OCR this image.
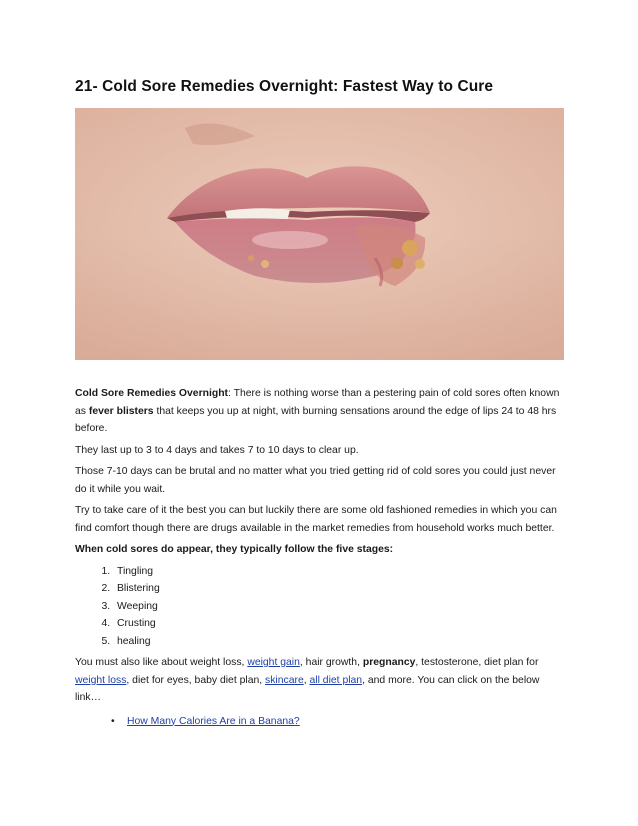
21- Cold Sore Remedies Overnight: Fastest Way to Cure

Cold Sore Remedies Overnight: There is nothing worse than a pestering pain of cold sores often known as fever blisters that keeps you up at night, with burning sensations around the edge of lips 24 to 48 hrs before.

They last up to 3 to 4 days and takes 7 to 10 days to clear up.

Those 7-10 days can be brutal and no matter what you tried getting rid of cold sores you could just never do it while you wait.

Try to take care of it the best you can but luckily there are some old fashioned remedies in which you can find comfort though there are drugs available in the market remedies from household works much better.

When cold sores do appear, they typically follow the five stages:

1. Tingling
2. Blistering
3. Weeping
4. Crusting
5. healing

You must also like about weight loss, weight gain, hair growth, pregnancy, testosterone, diet plan for weight loss, diet for eyes, baby diet plan, skincare, all diet plan, and more. You can click on the below link…

• How Many Calories Are in a Banana?
